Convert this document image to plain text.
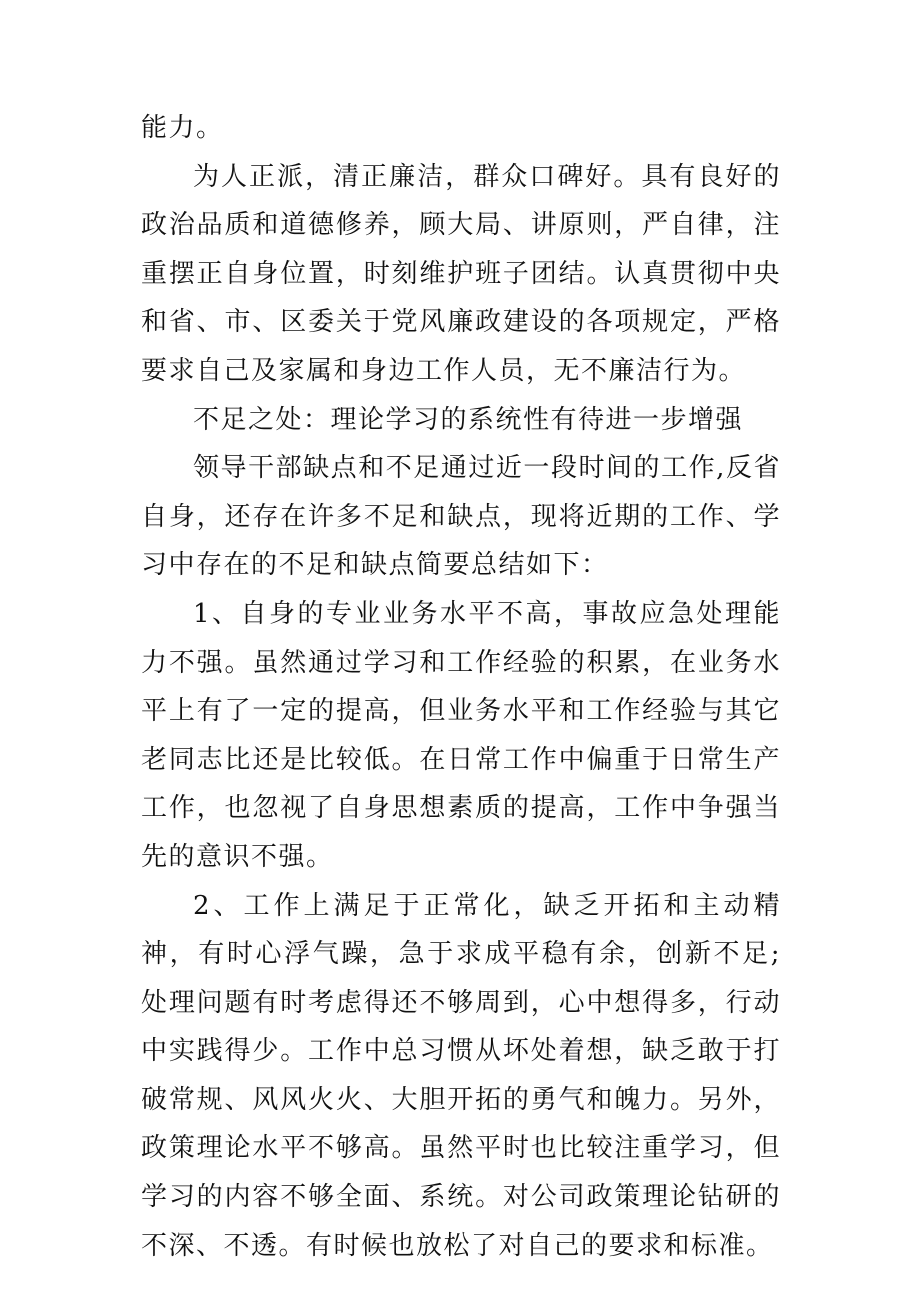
能力。

为人正派，清正廉洁，群众口碑好。具有良好的政治品质和道德修养，顾大局、讲原则，严自律，注重摆正自身位置，时刻维护班子团结。认真贯彻中央和省、市、区委关于党风廉政建设的各项规定，严格要求自己及家属和身边工作人员，无不廉洁行为。

不足之处：理论学习的系统性有待进一步增强

领导干部缺点和不足通过近一段时间的工作,反省自身，还存在许多不足和缺点，现将近期的工作、学习中存在的不足和缺点简要总结如下：

1、自身的专业业务水平不高，事故应急处理能力不强。虽然通过学习和工作经验的积累，在业务水平上有了一定的提高，但业务水平和工作经验与其它老同志比还是比较低。在日常工作中偏重于日常生产工作，也忽视了自身思想素质的提高，工作中争强当先的意识不强。

2、工作上满足于正常化，缺乏开拓和主动精神，有时心浮气躁，急于求成平稳有余，创新不足;处理问题有时考虑得还不够周到，心中想得多，行动中实践得少。工作中总习惯从坏处着想，缺乏敢于打破常规、风风火火、大胆开拓的勇气和魄力。另外，政策理论水平不够高。虽然平时也比较注重学习，但学习的内容不够全面、系统。对公司政策理论钻研的不深、不透。有时候也放松了对自己的要求和标准。
